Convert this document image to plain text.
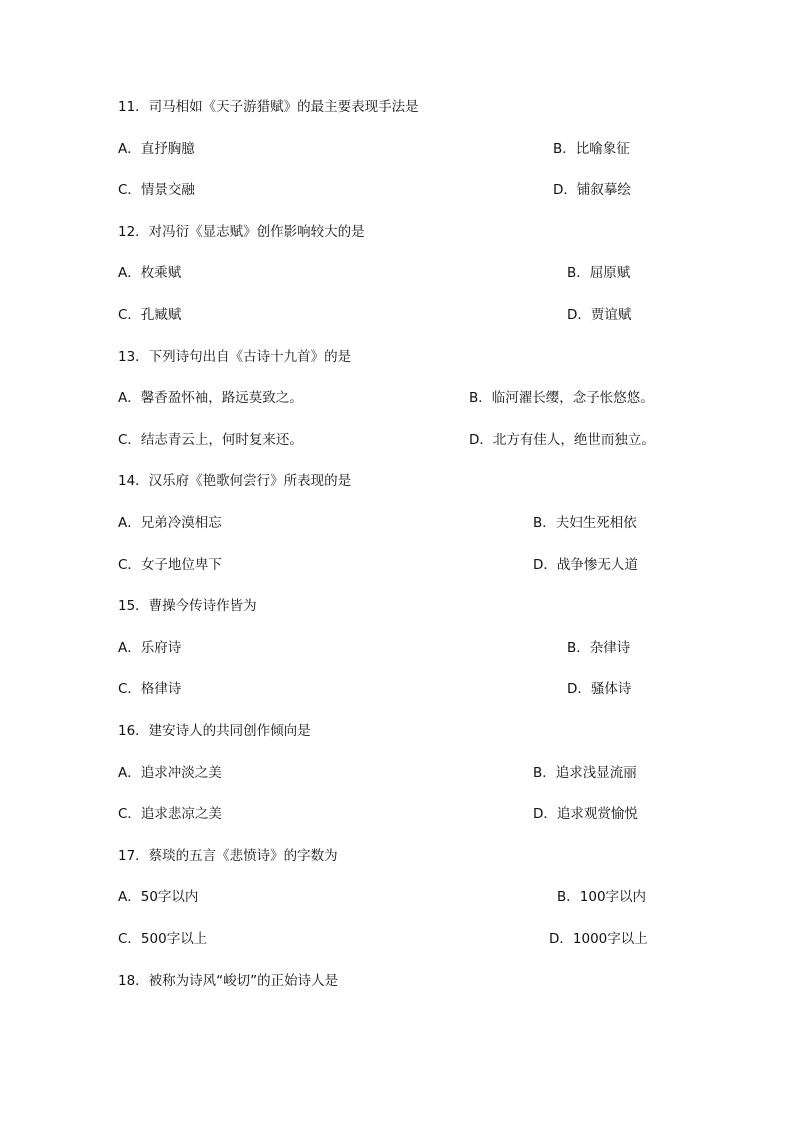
11．司马相如《天子游猎赋》的最主要表现手法是
A．直抒胸臆	B．比喻象征
C．情景交融	D．铺叙摹绘
12．对冯衍《显志赋》创作影响较大的是
A．枚乘赋	B．屈原赋
C．孔臧赋	D．贾谊赋
13．下列诗句出自《古诗十九首》的是
A．馨香盈怀袖，路远莫致之。	B．临河濯长缨，念子怅悠悠。
C．结志青云上，何时复来还。	D．北方有佳人，绝世而独立。
14．汉乐府《艳歌何尝行》所表现的是
A．兄弟冷漠相忘	B．夫妇生死相依
C．女子地位卑下	D．战争惨无人道
15．曹操今传诗作皆为
A．乐府诗	B．杂律诗
C．格律诗	D．骚体诗
16．建安诗人的共同创作倾向是
A．追求冲淡之美	B．追求浅显流丽
C．追求悲凉之美	D．追求观赏愉悦
17．蔡琰的五言《悲愤诗》的字数为
A．50字以内	B．100字以内
C．500字以上	D．1000字以上
18．被称为诗风“峻切”的正始诗人是
